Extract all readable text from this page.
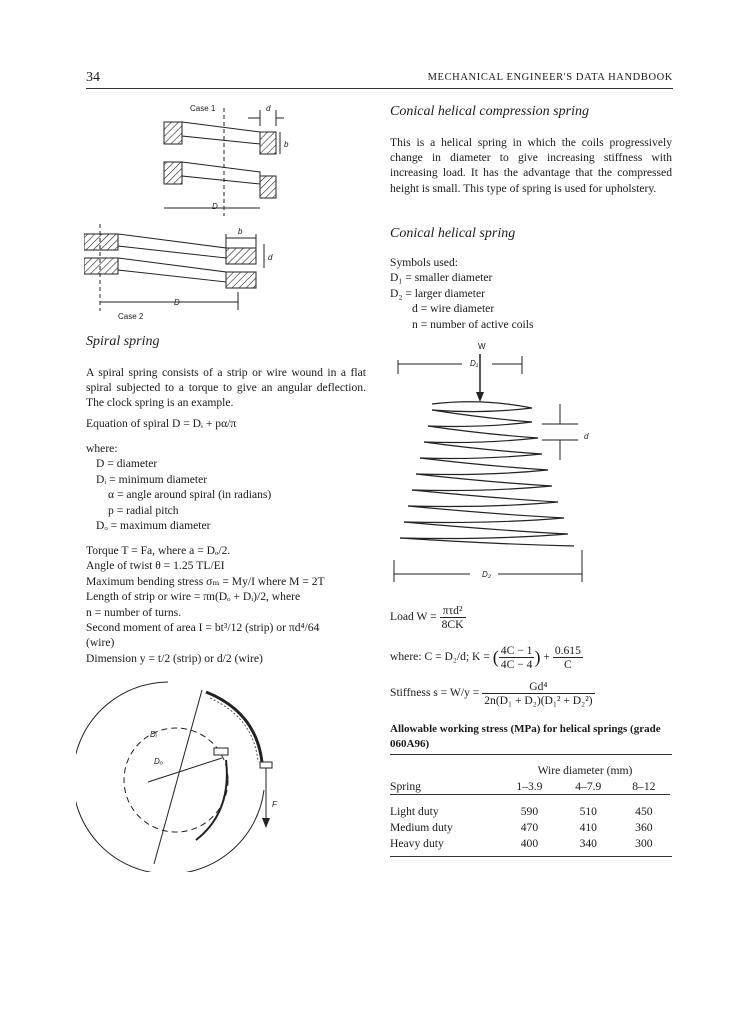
34	MECHANICAL ENGINEER'S DATA HANDBOOK
Case 1	d
b
D
b
d
D
Case 2
Spiral spring
A spiral spring consists of a strip or wire wound in a flat spiral subjected to a torque to give an angular deflection. The clock spring is an example.
Equation of spiral D = Dᵢ + pα/π
where:
D = diameter
Dᵢ = minimum diameter
α = angle around spiral (in radians)
p = radial pitch
Dₒ = maximum diameter
Torque T = Fa, where a = Dₒ/2.
Angle of twist θ = 1.25 TL/EI
Maximum bending stress σₘ = My/I where M = 2T
Length of strip or wire = πn(Dₒ + Dᵢ)/2, where
n = number of turns.
Second moment of area I = bt³/12 (strip) or πd⁴/64
(wire)
Dimension y = t/2 (strip) or d/2 (wire)
Dᵢ
Dₒ
F
Conical helical compression spring
This is a helical spring in which the coils progressively change in diameter to give increasing stiffness with increasing load. It has the advantage that the compressed height is small. This type of spring is used for upholstery.
Conical helical spring
Symbols used:
D₁ = smaller diameter
D₂ = larger diameter
d = wire diameter
n = number of active coils
W
D₁
d
D₂
Load $W = \frac{\text{πτd²}}{8CK}$
where: C = D₂/d; K = ( $\frac{4C - 1}{4C - 4}$ ) + $\frac{0.615}{C}$
Stiffness $s = W/y = \frac{\text{Gd⁴}}{\text{2n(D₁ + D₂)(D₁² + D₂²)}}$
Allowable working stress (MPa) for helical springs (grade 060A96)
	Wire diameter (mm)		
Spring	1–3.9	4–7.9	8–12

Light duty	590	510	450
Medium duty	470	410	360
Heavy duty	400	340	300
